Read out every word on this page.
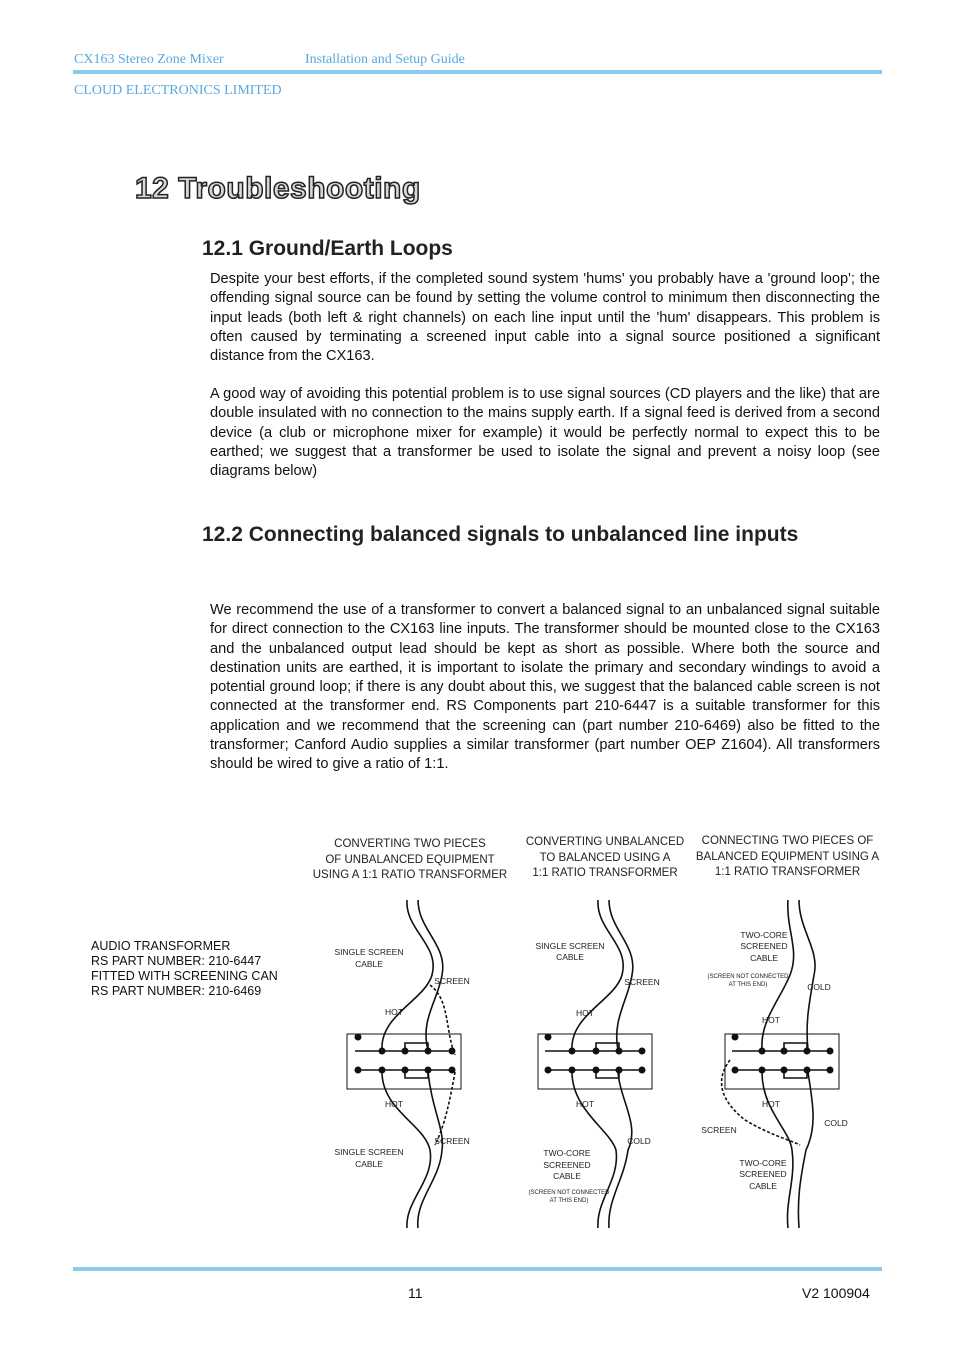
CX163 Stereo Zone Mixer	Installation and Setup Guide
CLOUD ELECTRONICS LIMITED
12 Troubleshooting
12.1 Ground/Earth Loops

Despite your best efforts, if the completed sound system 'hums' you probably have a 'ground loop'; the offending signal source can be found by setting the volume control to minimum then disconnecting the input leads (both left & right channels) on each line input until the 'hum' disappears. This problem is often caused by terminating a screened input cable into a signal source positioned a significant distance from the CX163.

A good way of avoiding this potential problem is to use signal sources (CD players and the like) that are double insulated with no connection to the mains supply earth. If a signal feed is derived from a second device (a club or microphone mixer for example) it would be perfectly normal to expect this to be earthed; we suggest that a transformer be used to isolate the signal and prevent a noisy loop (see diagrams below)

12.2 Connecting balanced signals to unbalanced line inputs

We recommend the use of a transformer to convert a balanced signal to an unbalanced signal suitable for direct connection to the CX163 line inputs. The transformer should be mounted close to the CX163 and the unbalanced output lead should be kept as short as possible. Where both the source and destination units are earthed, it is important to isolate the primary and secondary windings to avoid a potential ground loop; if there is any doubt about this, we suggest that the balanced cable screen is not connected at the transformer end. RS Components part 210-6447 is a suitable transformer for this application and we recommend that the screening can (part number 210-6469) also be fitted to the transformer; Canford Audio supplies a similar transformer (part number OEP Z1604). All transformers should be wired to give a ratio of 1:1.

AUDIO TRANSFORMER
RS PART NUMBER: 210-6447
FITTED WITH SCREENING CAN
RS PART NUMBER: 210-6469
CONVERTING TWO PIECES
OF UNBALANCED EQUIPMENT
USING A 1:1 RATIO TRANSFORMER
CONVERTING UNBALANCED
TO BALANCED USING A
1:1 RATIO TRANSFORMER
CONNECTING TWO PIECES OF
BALANCED EQUIPMENT USING A
1:1 RATIO TRANSFORMER
SINGLE SCREEN
CABLE
SCREEN
HOT
HOT
SCREEN
SINGLE SCREEN
CABLE
SINGLE SCREEN
CABLE
SCREEN
HOT
HOT
COLD
TWO-CORE
SCREENED
CABLE
(SCREEN NOT CONNECTED
AT THIS END)
TWO-CORE
SCREENED
CABLE
(SCREEN NOT CONNECTED
AT THIS END)	COLD
HOT
HOT
COLD
SCREEN
TWO-CORE
SCREENED
CABLE
11	V2 100904
